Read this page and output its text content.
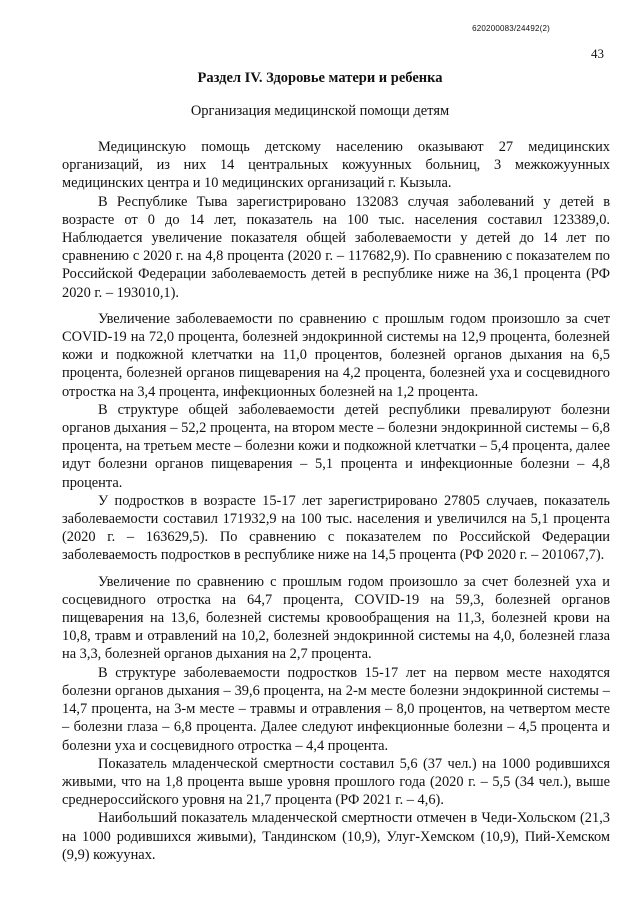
620200083/24492(2)
43
Раздел IV. Здоровье матери и ребенка
Организация медицинской помощи детям

Медицинскую помощь детскому населению оказывают 27 медицинских организаций, из них 14 центральных кожуунных больниц, 3 межкожуунных медицинских центра и 10 медицинских организаций г. Кызыла.

В Республике Тыва зарегистрировано 132083 случая заболеваний у детей в возрасте от 0 до 14 лет, показатель на 100 тыс. населения составил 123389,0. Наблюдается увеличение показателя общей заболеваемости у детей до 14 лет по сравнению с 2020 г. на 4,8 процента (2020 г. – 117682,9). По сравнению с показателем по Российской Федерации заболеваемость детей в республике ниже на 36,1 процента (РФ 2020 г. – 193010,1).

Увеличение заболеваемости по сравнению с прошлым годом произошло за счет COVID-19 на 72,0 процента, болезней эндокринной системы на 12,9 процента, болезней кожи и подкожной клетчатки на 11,0 процентов, болезней органов дыхания на 6,5 процента, болезней органов пищеварения на 4,2 процента, болезней уха и сосцевидного отростка на 3,4 процента, инфекционных болезней на 1,2 процента.

В структуре общей заболеваемости детей республики превалируют болезни органов дыхания – 52,2 процента, на втором месте – болезни эндокринной системы – 6,8 процента, на третьем месте – болезни кожи и подкожной клетчатки – 5,4 процента, далее идут болезни органов пищеварения – 5,1 процента и инфекционные болезни – 4,8 процента.

У подростков в возрасте 15-17 лет зарегистрировано 27805 случаев, показатель заболеваемости составил 171932,9 на 100 тыс. населения и увеличился на 5,1 процента (2020 г. – 163629,5). По сравнению с показателем по Российской Федерации заболеваемость подростков в республике ниже на 14,5 процента (РФ 2020 г. – 201067,7).

Увеличение по сравнению с прошлым годом произошло за счет болезней уха и сосцевидного отростка на 64,7 процента, COVID-19 на 59,3, болезней органов пищеварения на 13,6, болезней системы кровообращения на 11,3, болезней крови на 10,8, травм и отравлений на 10,2, болезней эндокринной системы на 4,0, болезней глаза на 3,3, болезней органов дыхания на 2,7 процента.

В структуре заболеваемости подростков 15-17 лет на первом месте находятся болезни органов дыхания – 39,6 процента, на 2-м месте болезни эндокринной системы – 14,7 процента, на 3-м месте – травмы и отравления – 8,0 процентов, на четвертом месте – болезни глаза – 6,8 процента. Далее следуют инфекционные болезни – 4,5 процента и болезни уха и сосцевидного отростка – 4,4 процента.

Показатель младенческой смертности составил 5,6 (37 чел.) на 1000 родившихся живыми, что на 1,8 процента выше уровня прошлого года (2020 г. – 5,5 (34 чел.), выше среднероссийского уровня на 21,7 процента (РФ 2021 г. – 4,6).

Наибольший показатель младенческой смертности отмечен в Чеди-Хольском (21,3 на 1000 родившихся живыми), Тандинском (10,9), Улуг-Хемском (10,9), Пий-Хемском (9,9) кожуунах.
